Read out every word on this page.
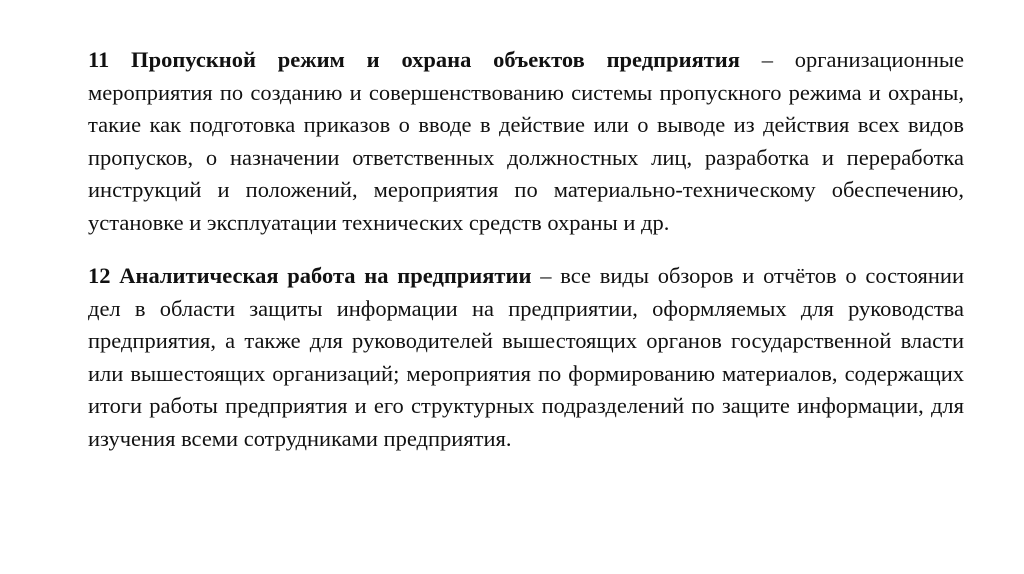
11 Пропускной режим и охрана объектов предприятия – организационные мероприятия по созданию и совершенствованию системы пропускного режима и охраны, такие как подготовка приказов о вводе в действие или о выводе из действия всех видов пропусков, о назначении ответственных должностных лиц, разработка и переработка инструкций и положений, мероприятия по материально-техническому обеспечению, установке и эксплуатации технических средств охраны и др.

12 Аналитическая работа на предприятии – все виды обзоров и отчётов о состоянии дел в области защиты информации на предприятии, оформляемых для руководства предприятия, а также для руководителей вышестоящих органов государственной власти или вышестоящих организаций; мероприятия по формированию материалов, содержащих итоги работы предприятия и его структурных подразделений по защите информации, для изучения всеми сотрудниками предприятия.
